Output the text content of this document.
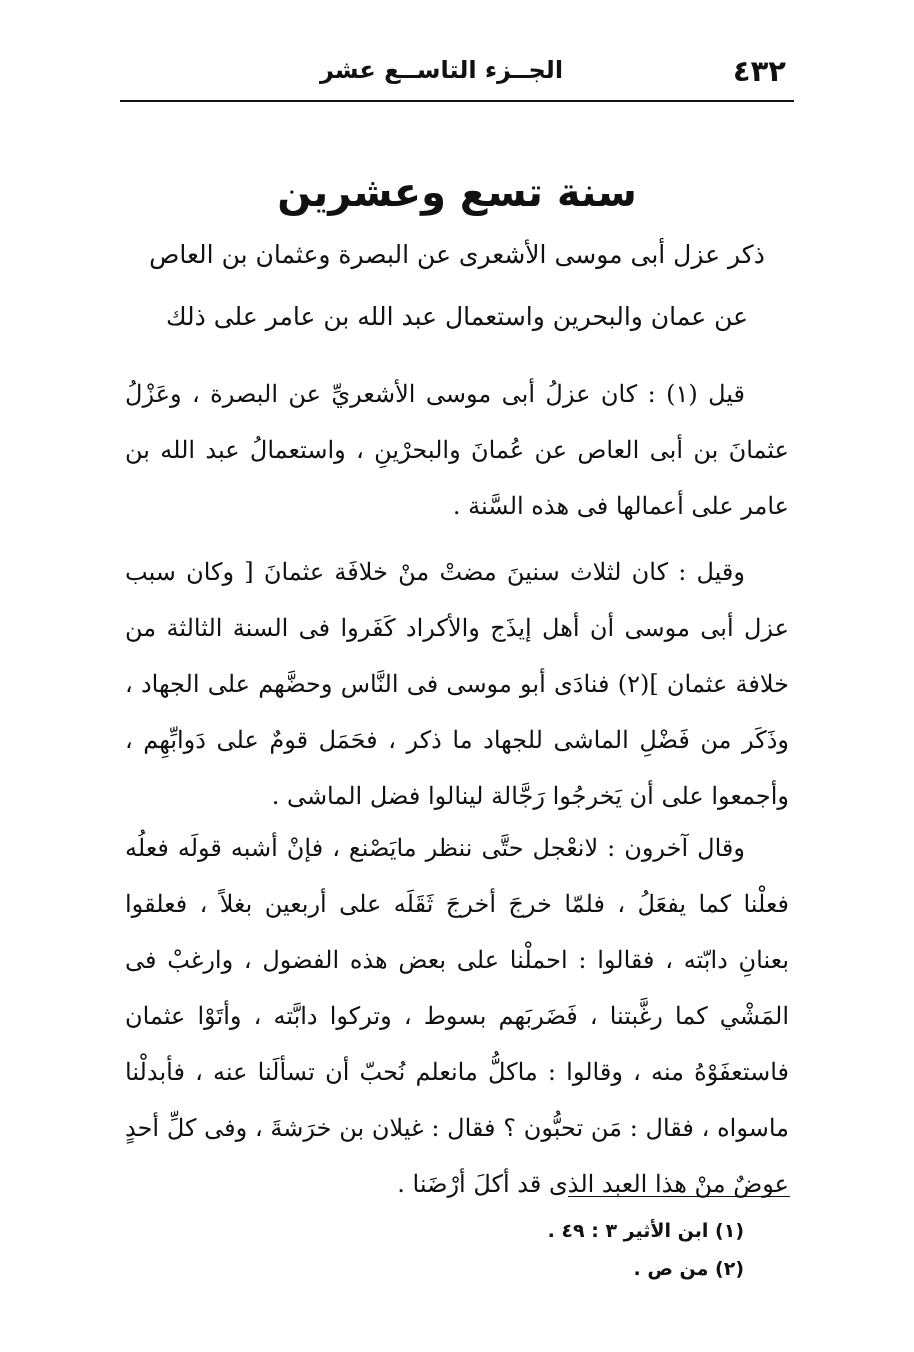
٤٣٢
الجــزء التاســع عشر
سنة تسع وعشرين
ذكر عزل أبى موسى الأشعرى عن البصرة وعثمان بن العاص
عن عمان والبحرين واستعمال عبد الله بن عامر على ذلك

قيل (١) : كان عزلُ أبى موسى الأشعريِّ عن البصرة ، وعَزْلُ عثمانَ بن أبى العاص عن عُمانَ والبحرْينِ ، واستعمالُ عبد الله بن عامر على أعمالها فى هذه السَّنة .

وقيل : كان لثلاث سنينَ مضتْ منْ خلافَة عثمانَ [ وكان سبب عزل أبى موسى أن أهل إيذَج والأكراد كَفَروا فى السنة الثالثة من خلافة عثمان ](٢) فنادَى أبو موسى فى النَّاس وحضَّهم على الجهاد ، وذَكَر من فَضْلِ الماشى للجهاد ما ذكر ، فحَمَل قومٌ على دَوابِّهِم ، وأجمعوا على أن يَخرجُوا رَجَّالة لينالوا فضل الماشى .

وقال آخرون : لانعْجل حتَّى ننظر مايَصْنع ، فإنْ أشبه قولَه فعلُه فعلْنا كما يفعَلُ ، فلمّا خرجَ أخرجَ ثَقَلَه على أربعين بغلاً ، فعلقوا بعنانِ دابّته ، فقالوا : احملْنا على بعض هذه الفضول ، وارغبْ فى المَشْي كما رغَّبتنا ، فَضَربَهم بسوط ، وتركوا دابَّته ، وأتَوْا عثمان فاستعفَوْهُ منه ، وقالوا : ماكلُّ مانعلم نُحبّ أن تسألَنا عنه ، فأبدلْنا ماسواه ، فقال : مَن تحبُّون ؟ فقال : غيلان بن خرَشةَ ، وفى كلِّ أحدٍ عوضٌ منْ هذا العبد الذى قد أكلَ أرْضَنا .

(١) ابن الأثير ٣ : ٤٩ .
(٢) من ص .
